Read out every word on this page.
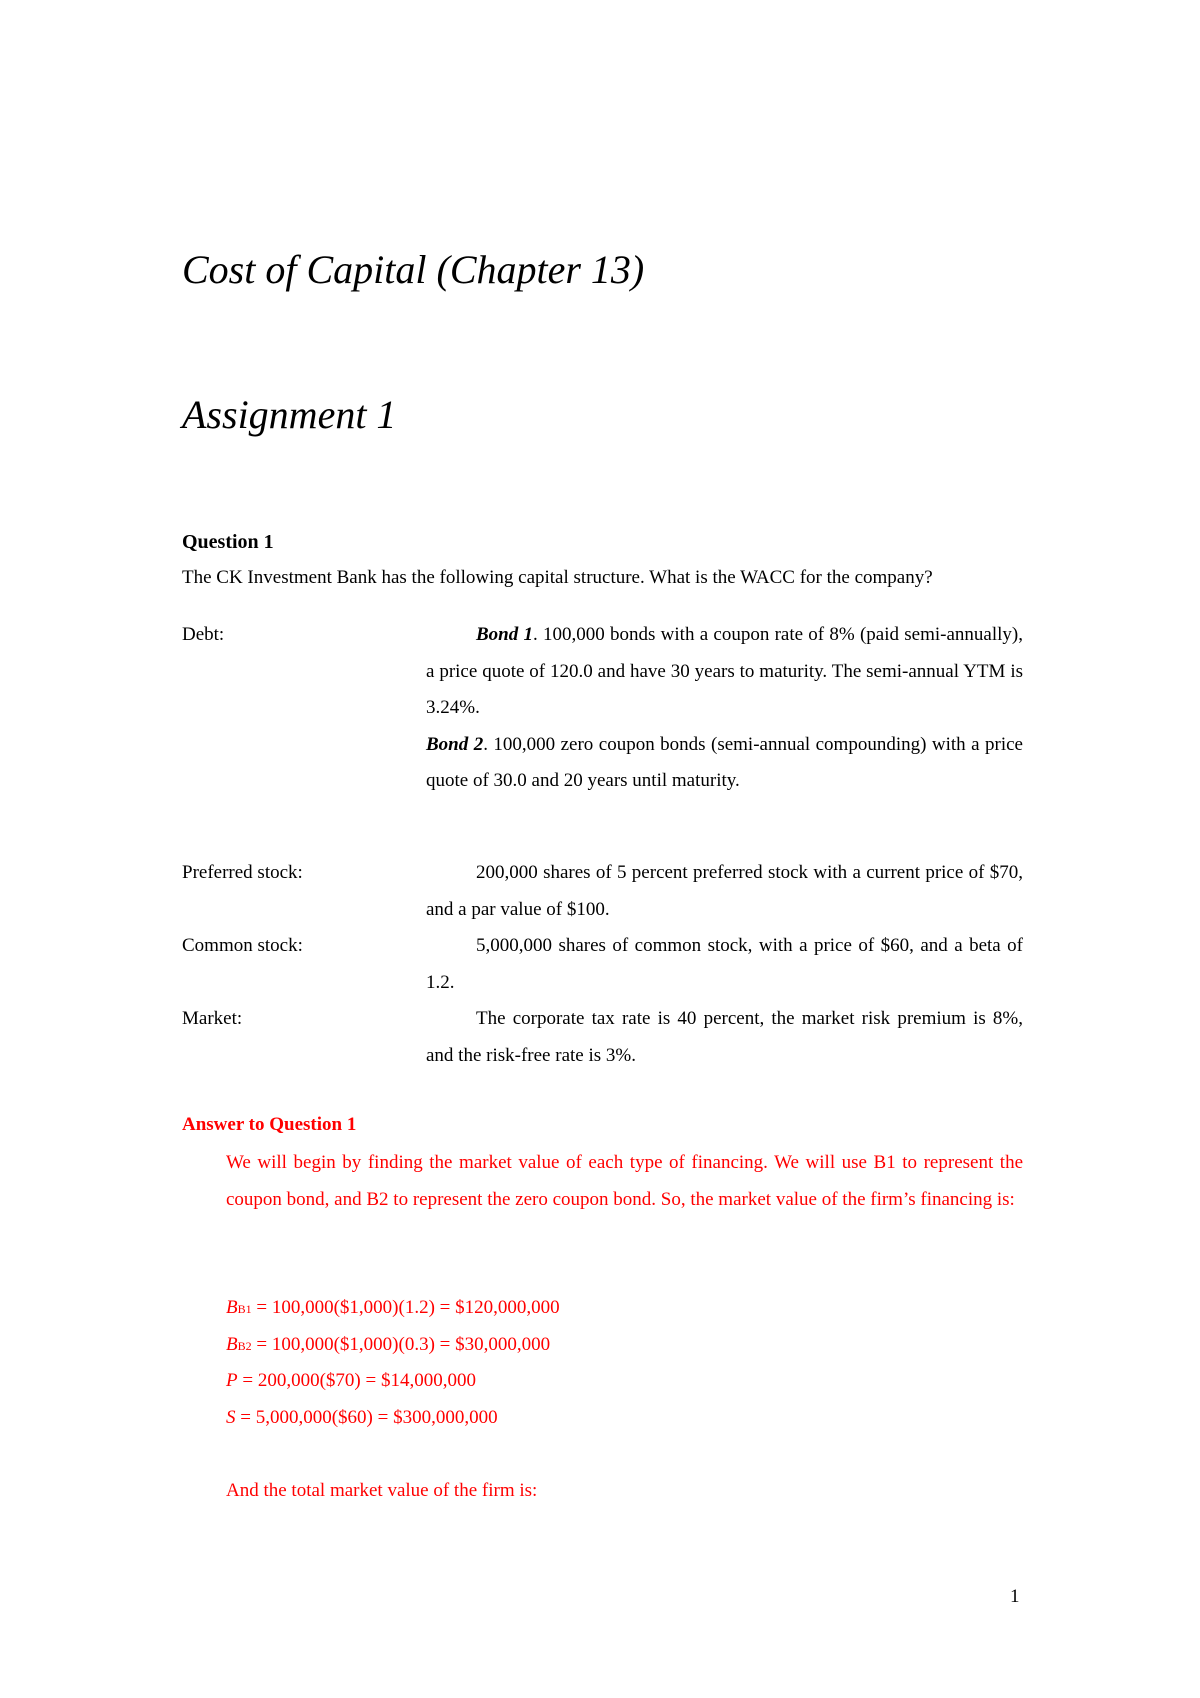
Cost of Capital (Chapter 13)
Assignment 1
Question 1

The CK Investment Bank has the following capital structure. What is the WACC for the company?

Debt:	Bond 1. 100,000 bonds with a coupon rate of 8% (paid semi-annually), a price quote of 120.0 and have 30 years to maturity. The semi-annual YTM is 3.24%.
Bond 2. 100,000 zero coupon bonds (semi-annual compounding) with a price quote of 30.0 and 20 years until maturity.
Preferred stock:	200,000 shares of 5 percent preferred stock with a current price of $70, and a par value of $100.

Common stock:	5,000,000 shares of common stock, with a price of $60, and a beta of 1.2.

Market:	The corporate tax rate is 40 percent, the market risk premium is 8%, and the risk-free rate is 3%.

Answer to Question 1

We will begin by finding the market value of each type of financing. We will use B1 to represent the coupon bond, and B2 to represent the zero coupon bond. So, the market value of the firm’s financing is:

BB1 = 100,000($1,000)(1.2) = $120,000,000
BB2 = 100,000($1,000)(0.3) = $30,000,000
P = 200,000($70) = $14,000,000
S = 5,000,000($60) = $300,000,000
And the total market value of the firm is:
1
